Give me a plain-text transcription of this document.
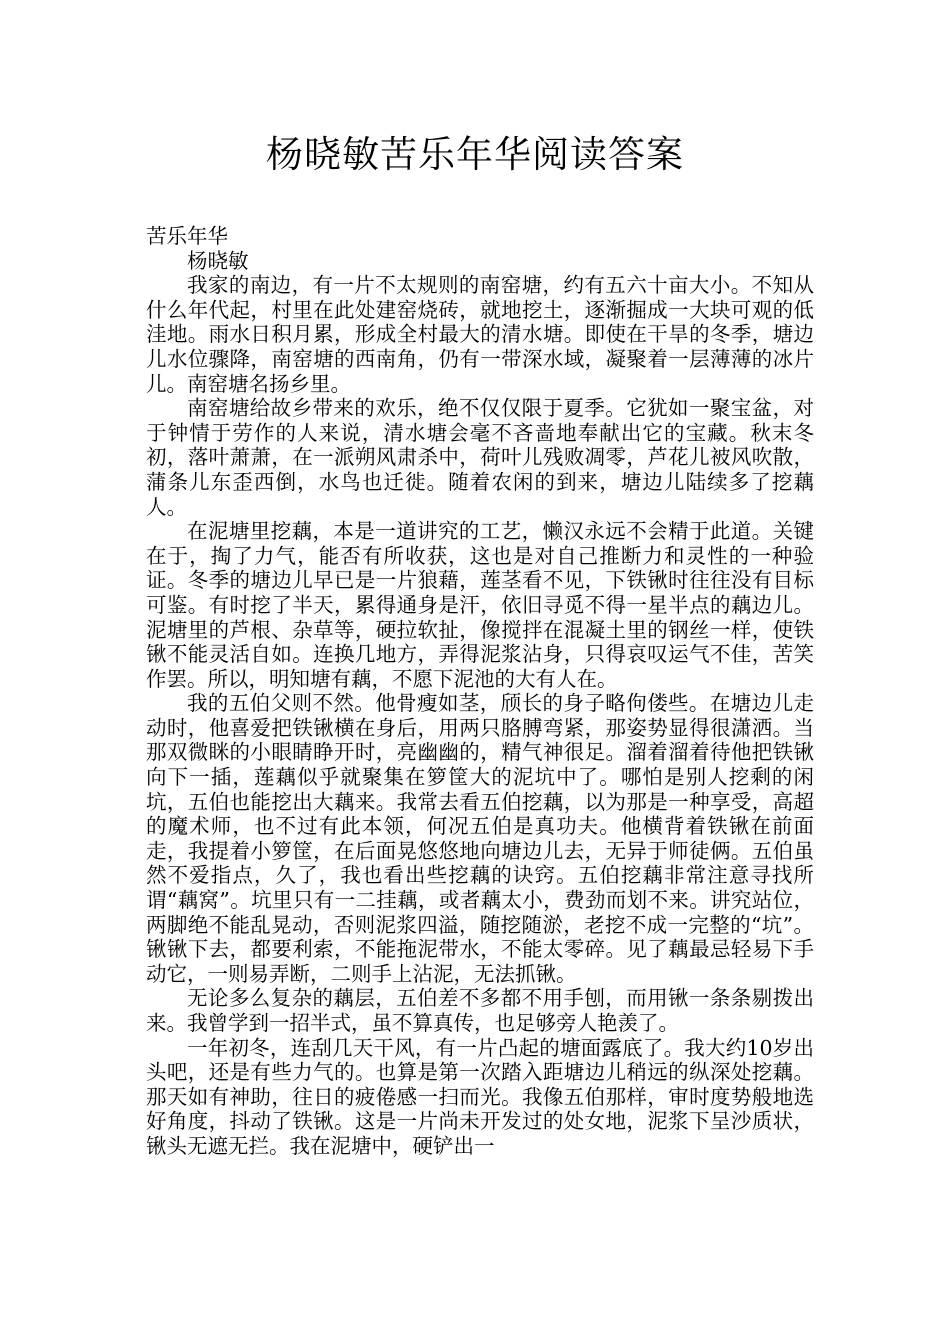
杨晓敏苦乐年华阅读答案

苦乐年华

杨晓敏

我家的南边，有一片不太规则的南窑塘，约有五六十亩大小。不知从什么年代起，村里在此处建窑烧砖，就地挖土，逐渐掘成一大块可观的低洼地。雨水日积月累，形成全村最大的清水塘。即使在干旱的冬季，塘边儿水位骤降，南窑塘的西南角，仍有一带深水域，凝聚着一层薄薄的冰片儿。南窑塘名扬乡里。

南窑塘给故乡带来的欢乐，绝不仅仅限于夏季。它犹如一聚宝盆，对于钟情于劳作的人来说，清水塘会毫不吝啬地奉献出它的宝藏。秋末冬初，落叶萧萧，在一派朔风肃杀中，荷叶儿残败凋零，芦花儿被风吹散，蒲条儿东歪西倒，水鸟也迁徙。随着农闲的到来，塘边儿陆续多了挖藕人。

在泥塘里挖藕，本是一道讲究的工艺，懒汉永远不会精于此道。关键在于，掏了力气，能否有所收获，这也是对自己推断力和灵性的一种验证。冬季的塘边儿早已是一片狼藉，莲茎看不见，下铁锹时往往没有目标可鉴。有时挖了半天，累得通身是汗，依旧寻觅不得一星半点的藕边儿。泥塘里的芦根、杂草等，硬拉软扯，像搅拌在混凝土里的钢丝一样，使铁锹不能灵活自如。连换几地方，弄得泥浆沾身，只得哀叹运气不佳，苦笑作罢。所以，明知塘有藕，不愿下泥池的大有人在。

我的五伯父则不然。他骨瘦如茎，颀长的身子略佝偻些。在塘边儿走动时，他喜爱把铁锹横在身后，用两只胳膊弯紧，那姿势显得很潇洒。当那双微眯的小眼睛睁开时，亮幽幽的，精气神很足。溜着溜着待他把铁锹向下一插，莲藕似乎就聚集在箩筐大的泥坑中了。哪怕是别人挖剩的闲坑，五伯也能挖出大藕来。我常去看五伯挖藕，以为那是一种享受，高超的魔术师，也不过有此本领，何况五伯是真功夫。他横背着铁锹在前面走，我提着小箩筐，在后面晃悠悠地向塘边儿去，无异于师徒俩。五伯虽然不爱指点，久了，我也看出些挖藕的诀窍。五伯挖藕非常注意寻找所谓“藕窝”。坑里只有一二挂藕，或者藕太小，费劲而划不来。讲究站位，两脚绝不能乱晃动，否则泥浆四溢，随挖随淤，老挖不成一完整的“坑”。锹锹下去，都要利索，不能拖泥带水，不能太零碎。见了藕最忌轻易下手动它，一则易弄断，二则手上沾泥，无法抓锹。

无论多么复杂的藕层，五伯差不多都不用手刨，而用锹一条条剔拨出来。我曾学到一招半式，虽不算真传，也足够旁人艳羡了。

一年初冬，连刮几天干风，有一片凸起的塘面露底了。我大约10岁出头吧，还是有些力气的。也算是第一次踏入距塘边儿稍远的纵深处挖藕。那天如有神助，往日的疲倦感一扫而光。我像五伯那样，审时度势般地选好角度，抖动了铁锹。这是一片尚未开发过的处女地，泥浆下呈沙质状，锹头无遮无拦。我在泥塘中，硬铲出一
